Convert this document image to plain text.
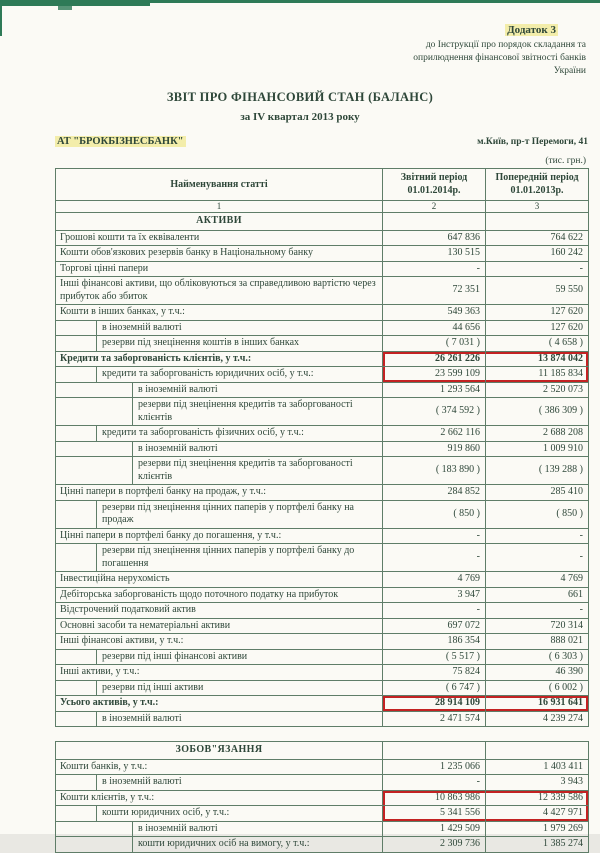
Додаток 3
до Інструкції про порядок складання та
оприлюднення фінансової звітності банків
України
ЗВІТ ПРО ФІНАНСОВИЙ СТАН (БАЛАНС)
за IV квартал 2013 року
АТ "БРОКБІЗНЕСБАНК"	м.Київ, пр-т Перемоги, 41
(тис. грн.)
Найменування статті	
Звітний період
01.01.2014р.

Попередній період
01.01.2013р.

1	2	3
АКТИВИ		
Грошові кошти та їх еквіваленти	647 836	764 622
Кошти обов'язкових резервів банку в Національному банку	130 515	160 242
Торгові цінні папери	-	-
Інші фінансові активи, що обліковуються за справедливою вартістю через прибуток або збиток	72 351	59 550
Кошти в інших банках, у т.ч.:	549 363	127 620
в іноземній валюті	44 656	127 620
резерви під знецінення коштів в інших банках	( 7 031 )	( 4 658 )
Кредити та заборгованість клієнтів, у т.ч.:	26 261 226	13 874 042
кредити та заборгованість юридичних осіб, у т.ч.:	23 599 109	11 185 834
в іноземній валюті	1 293 564	2 520 073
резерви під знецінення кредитів та заборгованості клієнтів	( 374 592 )	( 386 309 )
кредити та заборгованість фізичних осіб, у т.ч.:	2 662 116	2 688 208
в іноземній валюті	919 860	1 009 910
резерви під знецінення кредитів та заборгованості клієнтів	( 183 890 )	( 139 288 )
Цінні папери в портфелі банку на продаж, у т.ч.:	284 852	285 410
резерви під знецінення цінних паперів у портфелі банку на продаж	( 850 )	( 850 )
Цінні папери в портфелі банку до погашення, у т.ч.:	-	-
резерви під знецінення цінних паперів у портфелі банку до погашення	-	-
Інвестиційна нерухомість	4 769	4 769
Дебіторська заборгованість щодо поточного податку на прибуток	3 947	661
Відстрочений податковий актив	-	-
Основні засоби та нематеріальні активи	697 072	720 314
Інші фінансові активи, у т.ч.:	186 354	888 021
резерви під інші фінансові активи	( 5 517 )	( 6 303 )
Інші активи, у т.ч.:	75 824	46 390
резерви під інші активи	( 6 747 )	( 6 002 )
Усього активів, у т.ч.:	28 914 109	16 931 641
в іноземній валюті	2 471 574	4 239 274
ЗОБОВ"ЯЗАННЯ		
Кошти банків, у т.ч.:	1 235 066	1 403 411
в іноземній валюті	-	3 943
Кошти клієнтів, у т.ч.:	10 863 986	12 339 586
кошти юридичних осіб, у т.ч.:	5 341 556	4 427 971
в іноземній валюті	1 429 509	1 979 269
кошти юридичних осіб на вимогу, у т.ч.:	2 309 736	1 385 274
